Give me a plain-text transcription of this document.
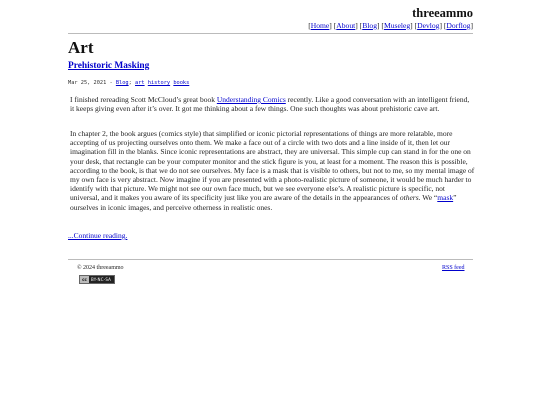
threeammo
[Home] [About] [Blog] [Museleg] [Devlog] [Dorflog]
Art
Prehistoric Masking
Mar 25, 2021 - Blog; art history books

I finished rereading Scott McCloud’s great book Understanding Comics recently. Like a good conversation with an intelligent friend, it keeps giving even after it’s over. It got me thinking about a few things. One such thoughts was about prehistoric cave art.

In chapter 2, the book argues (comics style) that simplified or iconic pictorial representations of things are more relatable, more accepting of us projecting ourselves onto them. We make a face out of a circle with two dots and a line inside of it, then let our imagination fill in the blanks. Since iconic representations are abstract, they are universal. This simple cup can stand in for the one on your desk, that rectangle can be your computer monitor and the stick figure is you, at least for a moment. The reason this is possible, according to the book, is that we do not see ourselves. My face is a mask that is visible to others, but not to me, so my mental image of my own face is very abstract. Now imagine if you are presented with a photo-realistic picture of someone, it would be much harder to identify with that picture. We might not see our own face much, but we see everyone else’s. A realistic picture is specific, not universal, and it makes you aware of its specificity just like you are aware of the details in the appearances of others. We “mask” ourselves in iconic images, and perceive otherness in realistic ones.

...Continue reading.
© 2024 threeammo	RSS feed
cc	BY-NC-SA
